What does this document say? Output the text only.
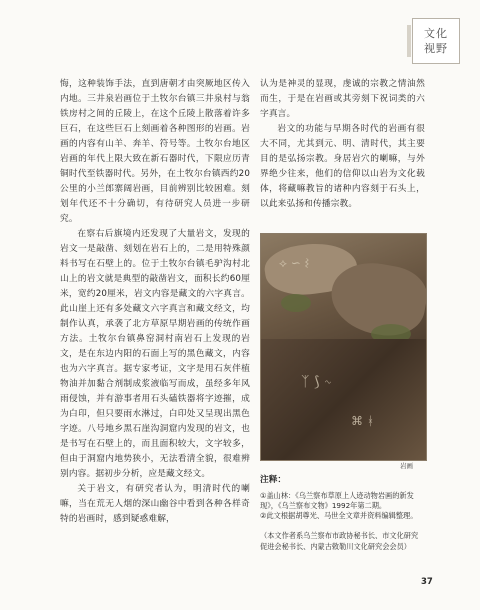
文化
视野

悔，这种装饰手法，直到唐朝才由突厥地区传入内地。三井泉岩画位于土牧尔台镇三井泉村与翁铁房村之间的丘陵上，在这个丘陵上散落着许多巨石，在这些巨石上刻画着各种图形的岩画。岩画的内容有山羊、奔羊、符号等。土牧尔台地区岩画的年代上限大致在新石器时代，下限应历青铜时代至铁器时代。另外，在土牧尔台镇西约20公里的小兰郎寨阔岩画，目前辨别比较困难。刻划年代还不十分确切，有待研究人员进一步研究。

在察右后旗境内还发现了大量岩文，发现的岩文一是敲凿、刻划在岩石上的，二是用特殊颜料书写在石壁上的。位于土牧尔台镇毛驴沟村北山上的岩文就是典型的敲凿岩文，面积长约60厘米，宽约20厘米，岩文内容是藏文的六字真言。此山崖上还有多处藏文六字真言和藏文经文，均制作认真，承袭了北方草原早期岩画的传统作画方法。土牧尔台镇鼻窑洞村南岩石上发现的岩文，是在东边内阳的石面上写的黑色藏文，内容也为六字真言。据专家考证，文字是用石灰伴植物油并加黏合剂制成浆液临写而成，虽经多年风雨侵蚀，并有游事者用石头磕铁器将字迹摧，成为白印，但只要雨水淋过，白印处又呈现出黑色字迹。八号地乡黑石崖沟洞窟内发现的岩文，也是书写在石壁上的，而且面积较大，文字较多，但由于洞窟内地势狭小，无法看清全貌，很难辨别内容。据初步分析，应是藏文经文。

关于岩文，有研究者认为，明清时代的喇嘛，当在荒无人烟的深山幽谷中看到各种各样奇特的岩画时，感到疑惑难解，

认为是神灵的显现，虔诚的宗教之情油然而生，于是在岩画或其旁刻下祝词类的六字真言。

岩文的功能与早期各时代的岩画有很大不同，尤其到元、明、清时代，其主要目的是弘扬宗教。身居岩穴的喇嘛，与外界绝少往来，他们的信仰以山岩为文化载体，将藏嘛教旨的诸种内容刻于石头上，以此来弘扬和传播宗教。

⟡ ∽ ⌇
ᛉ ⟆ ∿
⌘ ᚼ
岩画
注释：

①盖山林：《乌兰察布草原上人迹动物岩画的新发现》，《乌兰察布文物》1992年第二期。

②此文根据胡尊光、马世全文章并资料编辑整理。

（本文作者系乌兰察布市政协秘书长、市文化研究促进会秘书长、内蒙古敕勒川文化研究会会员）

37
